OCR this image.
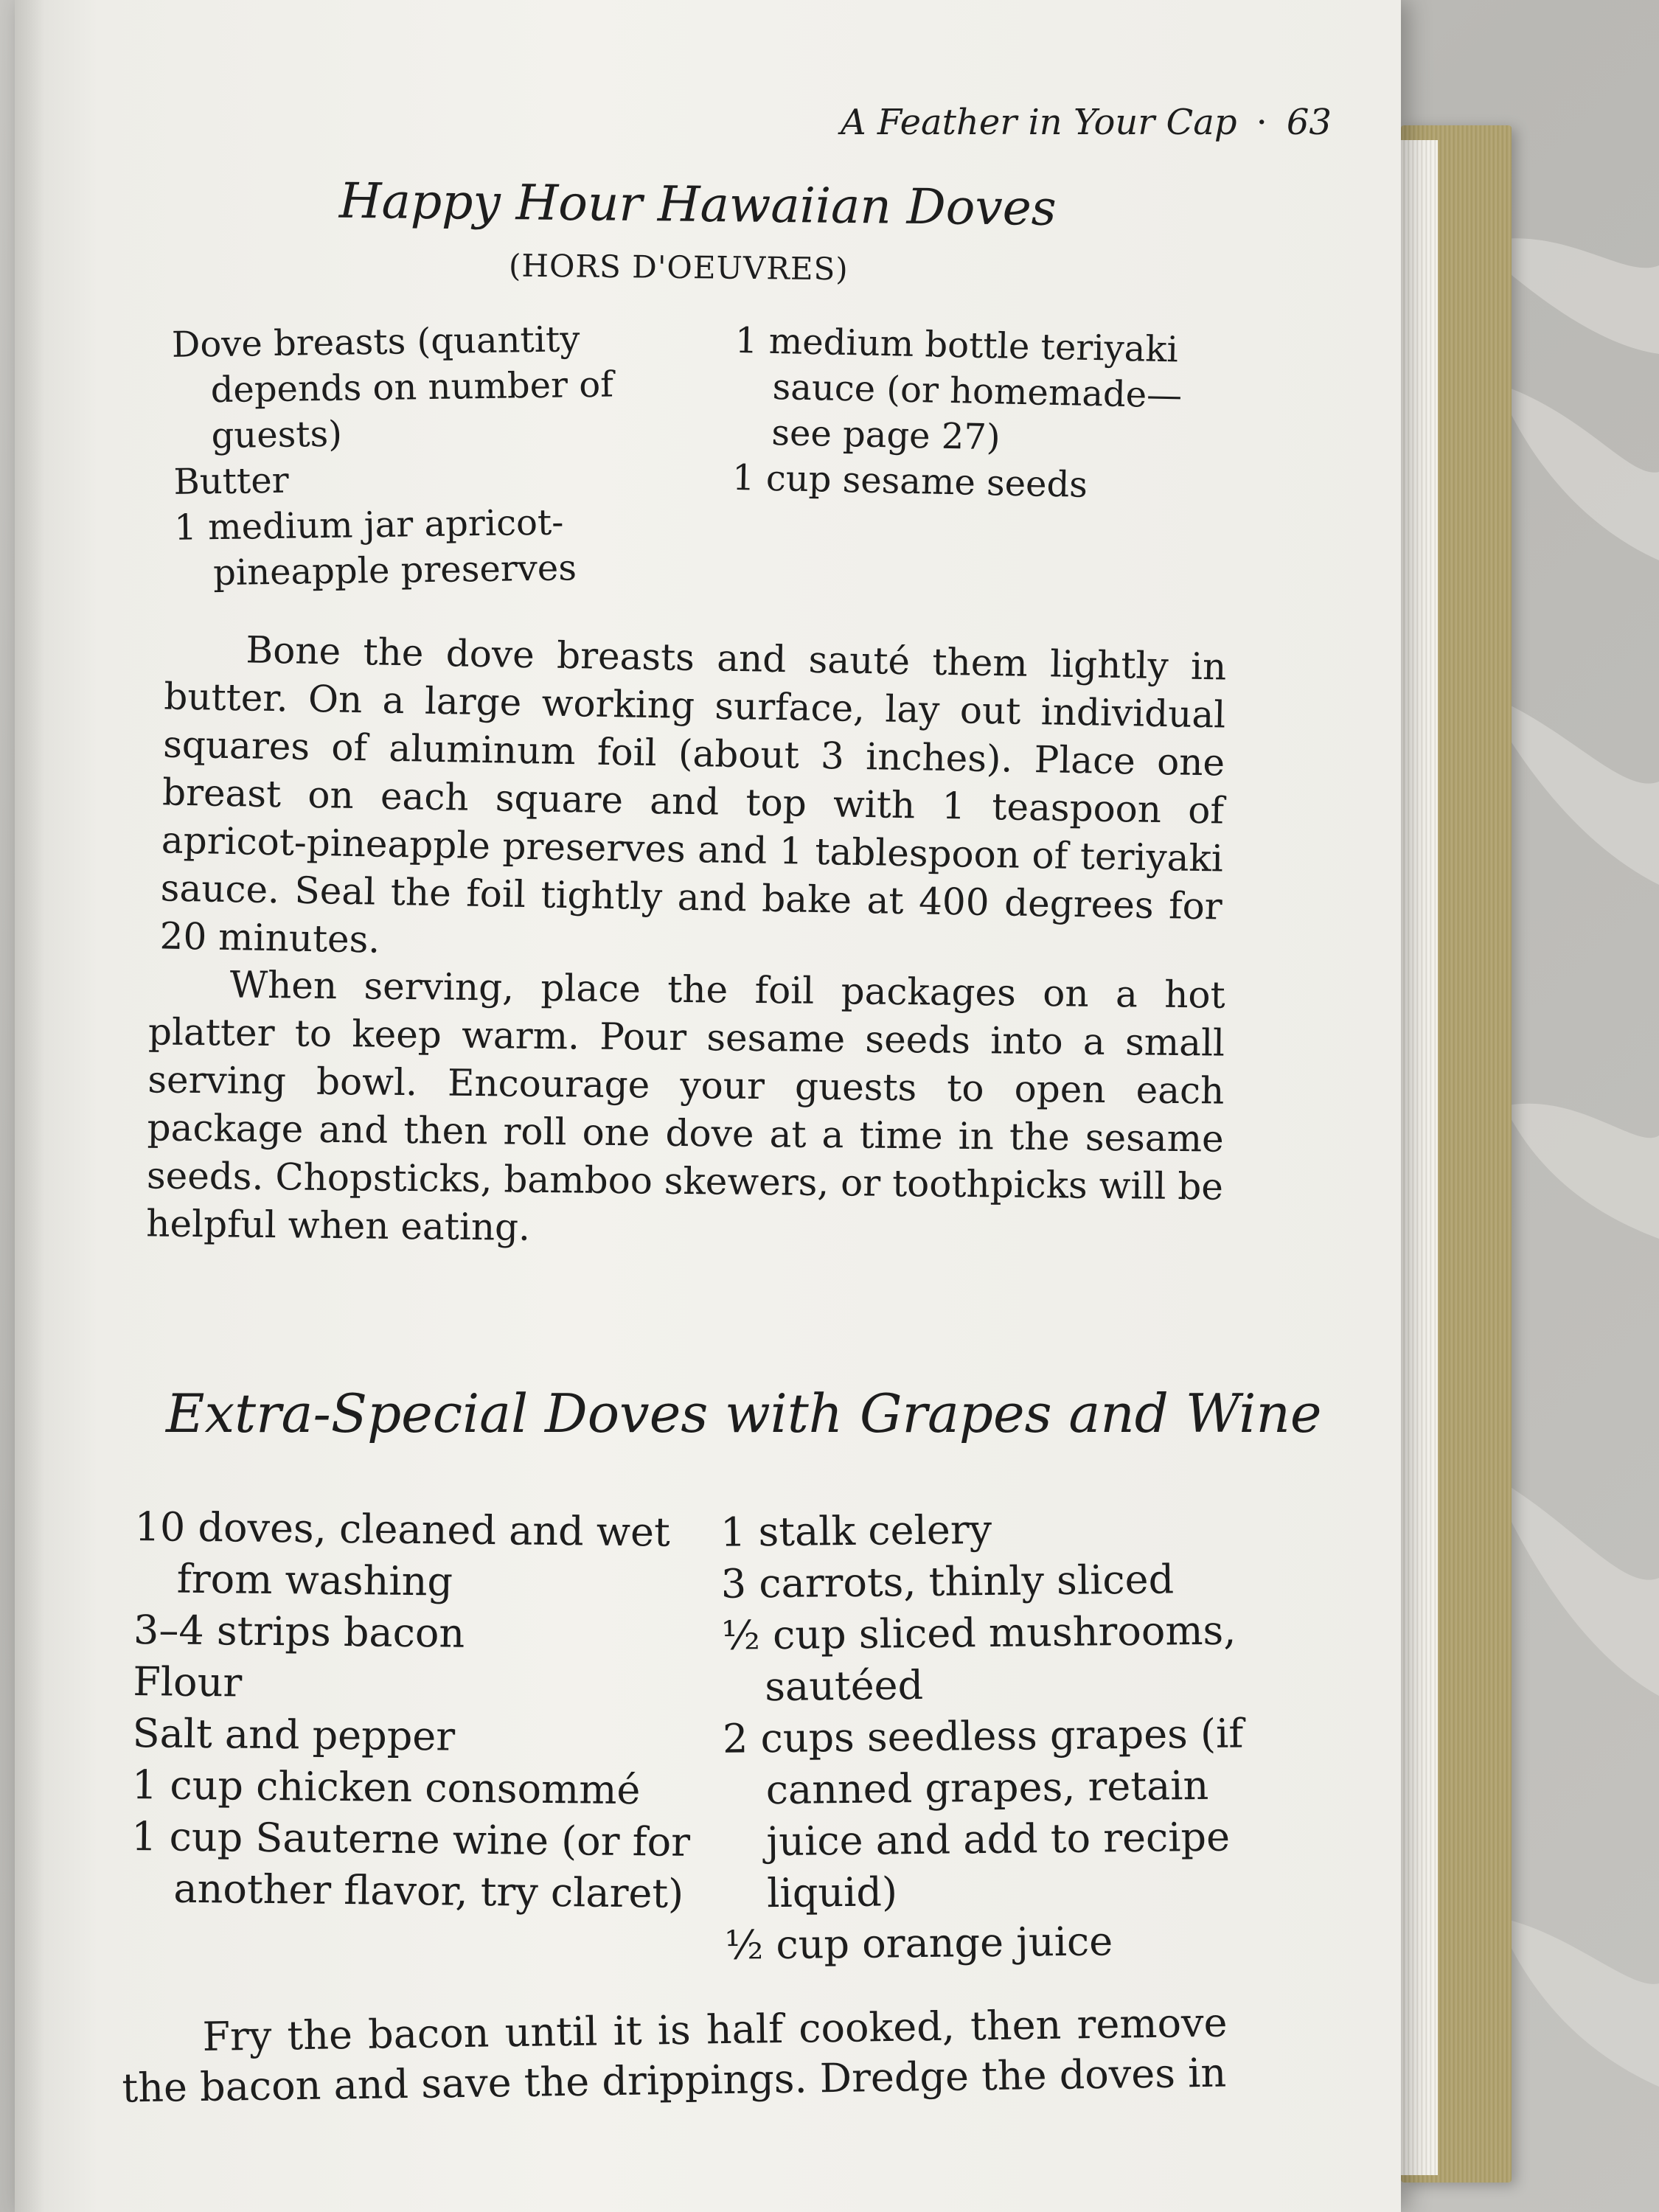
A Feather in Your Cap · 63
Happy Hour Hawaiian Doves
(HORS D'OEUVRES)
Dove breasts (quantity depends on number of guests)
Butter
1 medium jar apricot-pineapple preserves
1 medium bottle teriyaki sauce (or homemade—see page 27)
1 cup sesame seeds
Bone the dove breasts and sauté them lightly in butter. On a large working surface, lay out individual squares of aluminum foil (about 3 inches). Place one breast on each square and top with 1 teaspoon of apricot-pineapple preserves and 1 tablespoon of teriyaki sauce. Seal the foil tightly and bake at 400 degrees for 20 minutes.
When serving, place the foil packages on a hot platter to keep warm. Pour sesame seeds into a small serving bowl. Encourage your guests to open each package and then roll one dove at a time in the sesame seeds. Chopsticks, bamboo skewers, or toothpicks will be helpful when eating.
Extra-Special Doves with Grapes and Wine
10 doves, cleaned and wet from washing
3–4 strips bacon
Flour
Salt and pepper
1 cup chicken consommé
1 cup Sauterne wine (or for another flavor, try claret)
1 stalk celery
3 carrots, thinly sliced
½ cup sliced mushrooms, sautéed
2 cups seedless grapes (if canned grapes, retain juice and add to recipe liquid)
½ cup orange juice
Fry the bacon until it is half cooked, then remove the bacon and save the drippings. Dredge the doves in
